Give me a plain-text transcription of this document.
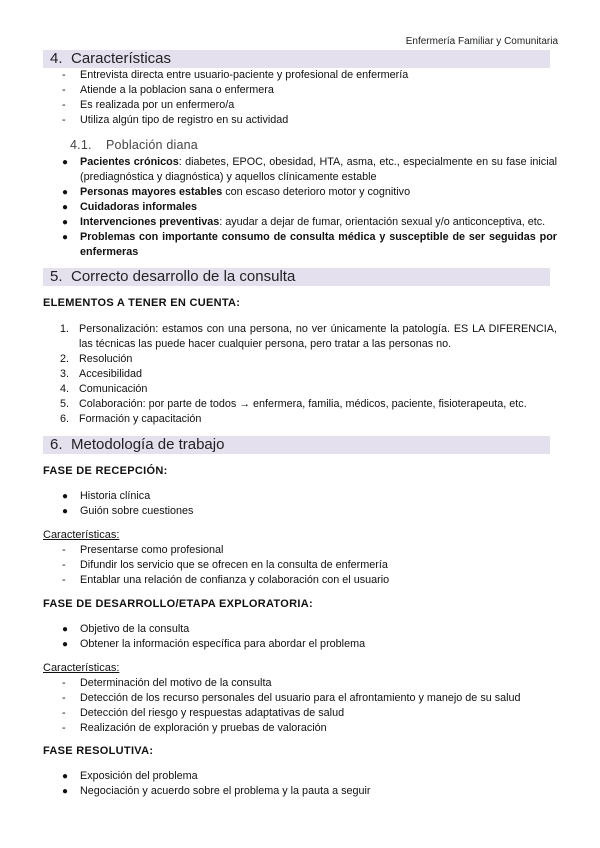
Enfermería Familiar y Comunitaria
4. Características
- Entrevista directa entre usuario-paciente y profesional de enfermería
- Atiende a la poblacion sana o enfermera
- Es realizada por un enfermero/a
- Utiliza algún tipo de registro en su actividad
4.1. Población diana
● Pacientes crónicos: diabetes, EPOC, obesidad, HTA, asma, etc., especialmente en su fase inicial (prediagnóstica y diagnóstica) y aquellos clínicamente estable
● Personas mayores estables con escaso deterioro motor y cognitivo
● Cuidadoras informales
● Intervenciones preventivas: ayudar a dejar de fumar, orientación sexual y/o anticonceptiva, etc.
● Problemas con importante consumo de consulta médica y susceptible de ser seguidas por enfermeras
5. Correcto desarrollo de la consulta
ELEMENTOS A TENER EN CUENTA:
1. Personalización: estamos con una persona, no ver únicamente la patología. ES LA DIFERENCIA, las técnicas las puede hacer cualquier persona, pero tratar a las personas no.
2. Resolución
3. Accesibilidad
4. Comunicación
5. Colaboración: por parte de todos → enfermera, familia, médicos, paciente, fisioterapeuta, etc.
6. Formación y capacitación
6. Metodología de trabajo
FASE DE RECEPCIÓN:
● Historia clínica
● Guión sobre cuestiones
Características:
- Presentarse como profesional
- Difundir los servicio que se ofrecen en la consulta de enfermería
- Entablar una relación de confianza y colaboración con el usuario
FASE DE DESARROLLO/ETAPA EXPLORATORIA:
● Objetivo de la consulta
● Obtener la información específica para abordar el problema
Características:
- Determinación del motivo de la consulta
- Detección de los recurso personales del usuario para el afrontamiento y manejo de su salud
- Detección del riesgo y respuestas adaptativas de salud
- Realización de exploración y pruebas de valoración
FASE RESOLUTIVA:
● Exposición del problema
● Negociación y acuerdo sobre el problema y la pauta a seguir
